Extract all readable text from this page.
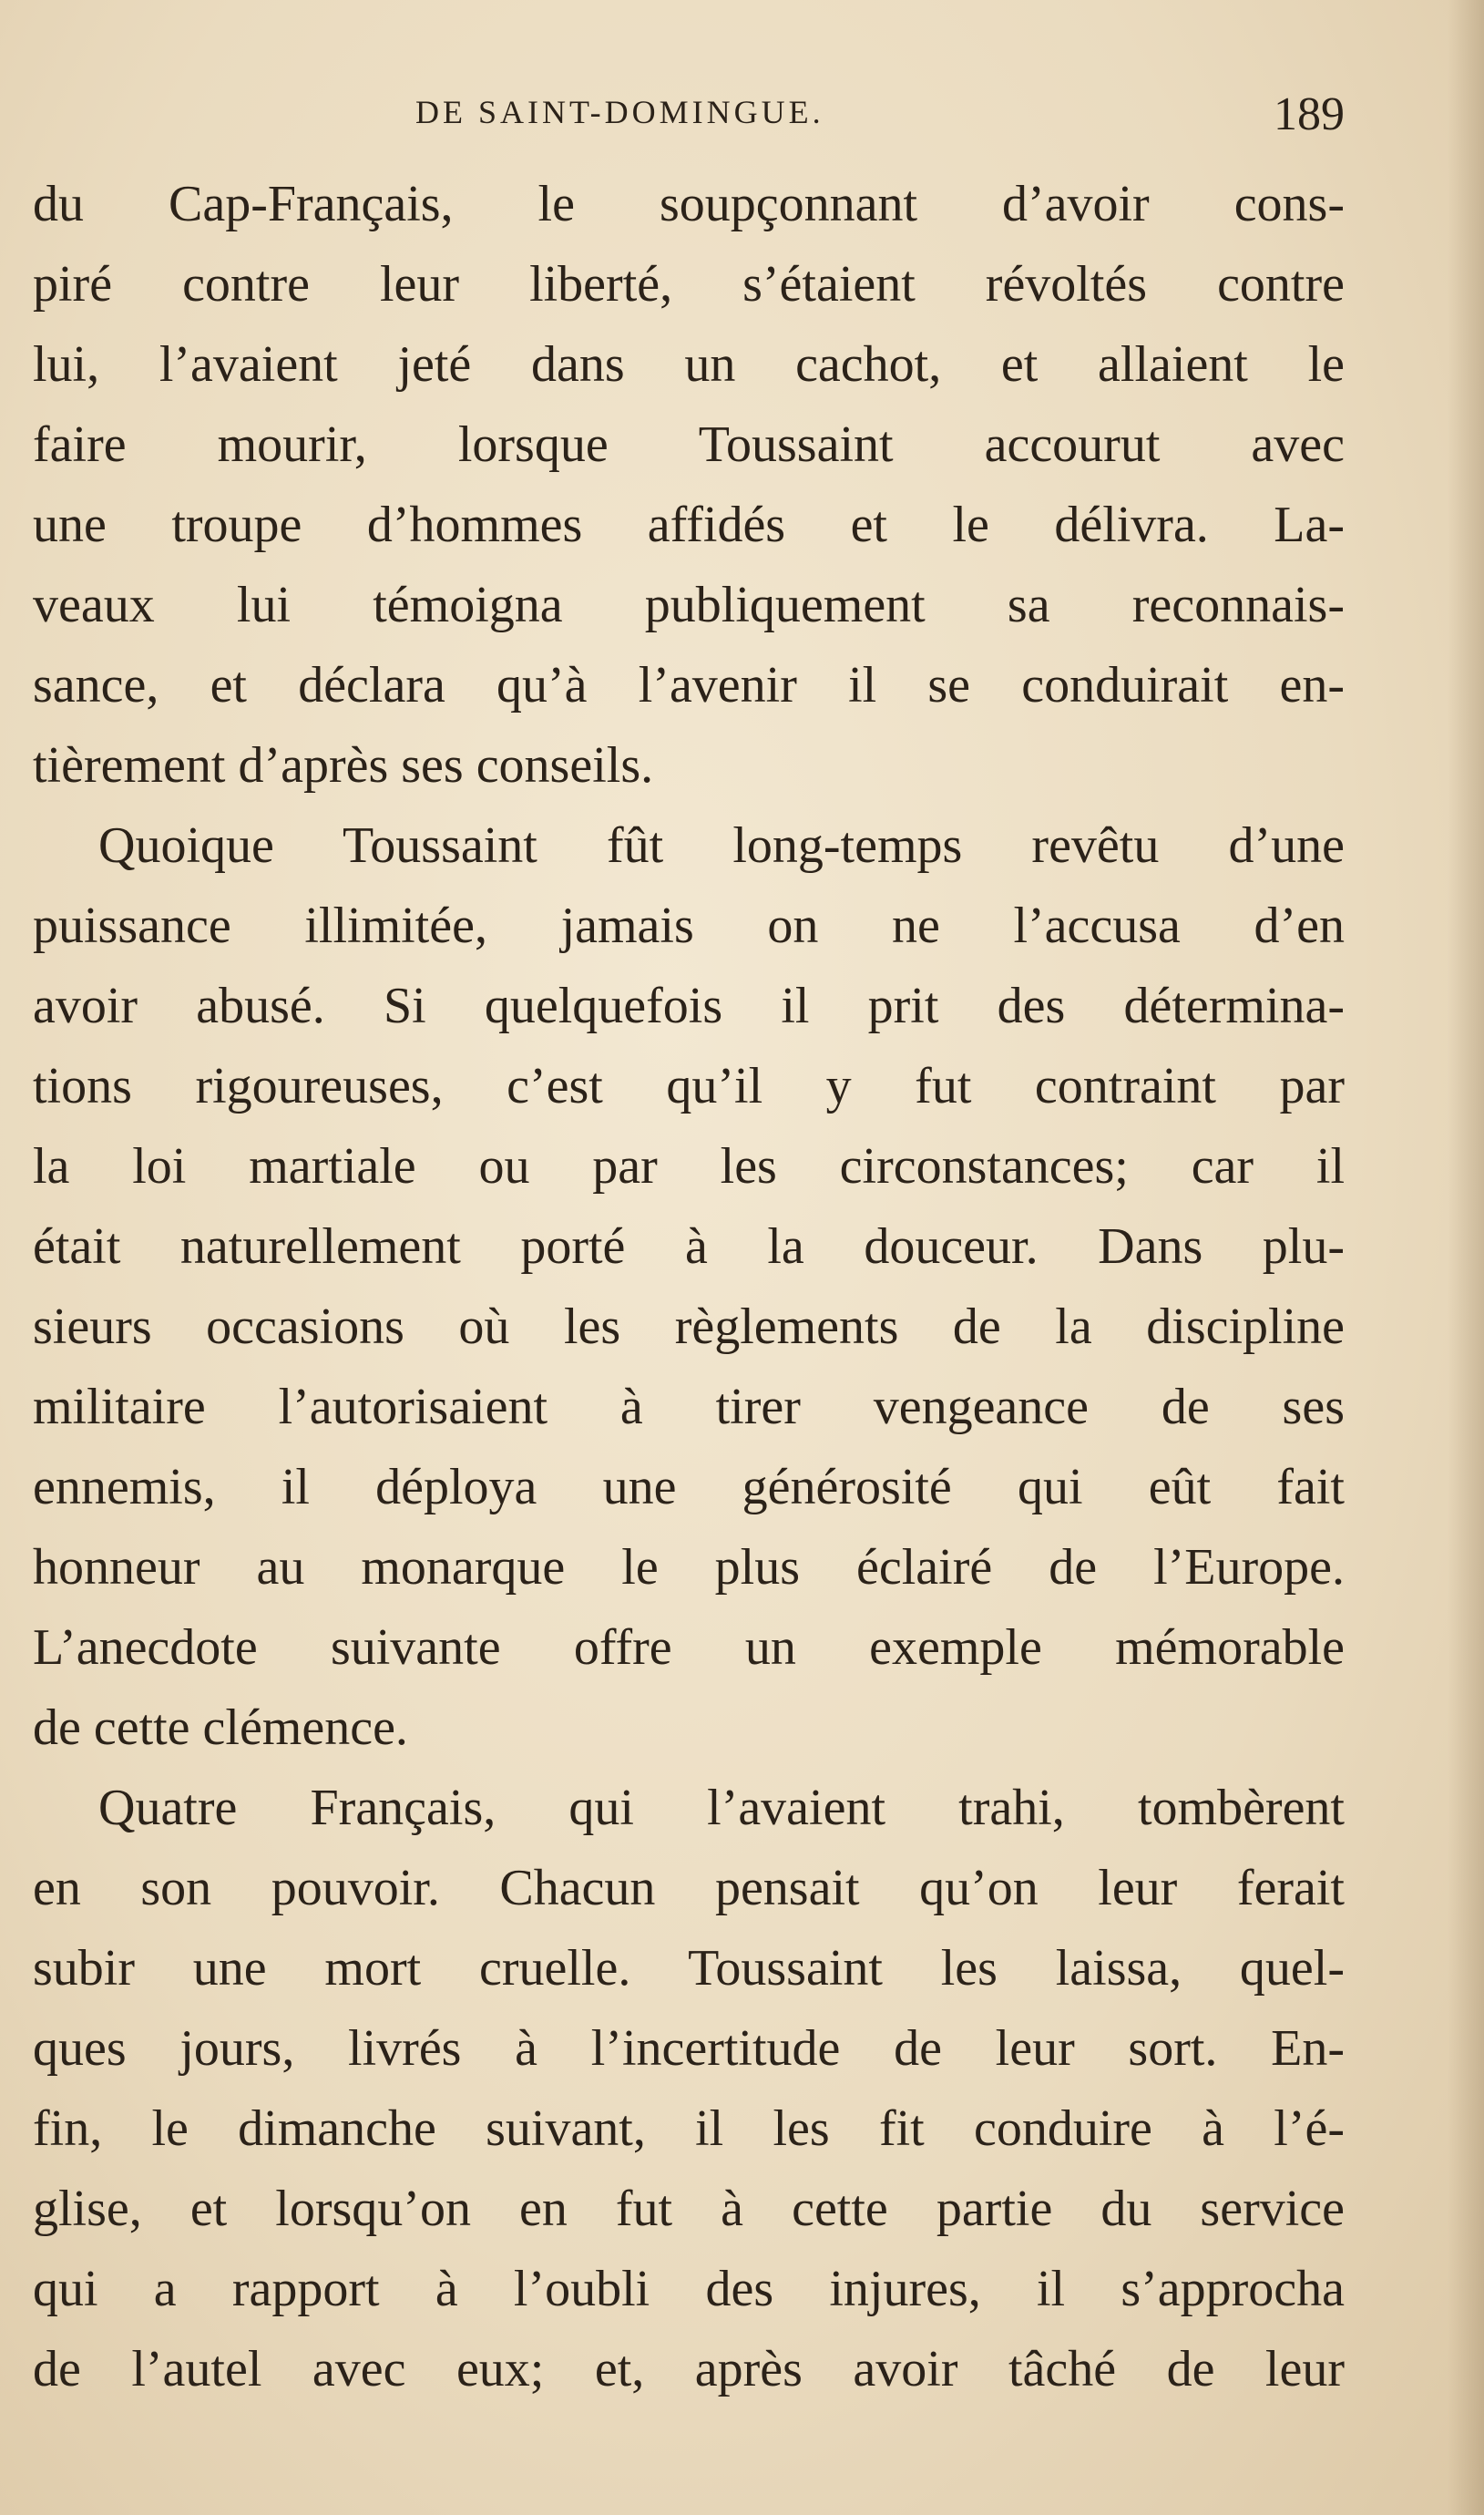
DE SAINT-DOMINGUE.	189
du Cap-Français, le soupçonnant d’avoir cons-
piré contre leur liberté, s’étaient révoltés contre
lui, l’avaient jeté dans un cachot, et allaient le
faire mourir, lorsque Toussaint accourut avec
une troupe d’hommes affidés et le délivra. La-
veaux lui témoigna publiquement sa reconnais-
sance, et déclara qu’à l’avenir il se conduirait en-
tièrement d’après ses conseils.
Quoique Toussaint fût long-temps revêtu d’une
puissance illimitée, jamais on ne l’accusa d’en
avoir abusé. Si quelquefois il prit des détermina-
tions rigoureuses, c’est qu’il y fut contraint par
la loi martiale ou par les circonstances; car il
était naturellement porté à la douceur. Dans plu-
sieurs occasions où les règlements de la discipline
militaire l’autorisaient à tirer vengeance de ses
ennemis, il déploya une générosité qui eût fait
honneur au monarque le plus éclairé de l’Europe.
L’anecdote suivante offre un exemple mémorable
de cette clémence.
Quatre Français, qui l’avaient trahi, tombèrent
en son pouvoir. Chacun pensait qu’on leur ferait
subir une mort cruelle. Toussaint les laissa, quel-
ques jours, livrés à l’incertitude de leur sort. En-
fin, le dimanche suivant, il les fit conduire à l’é-
glise, et lorsqu’on en fut à cette partie du service
qui a rapport à l’oubli des injures, il s’approcha
de l’autel avec eux; et, après avoir tâché de leur
